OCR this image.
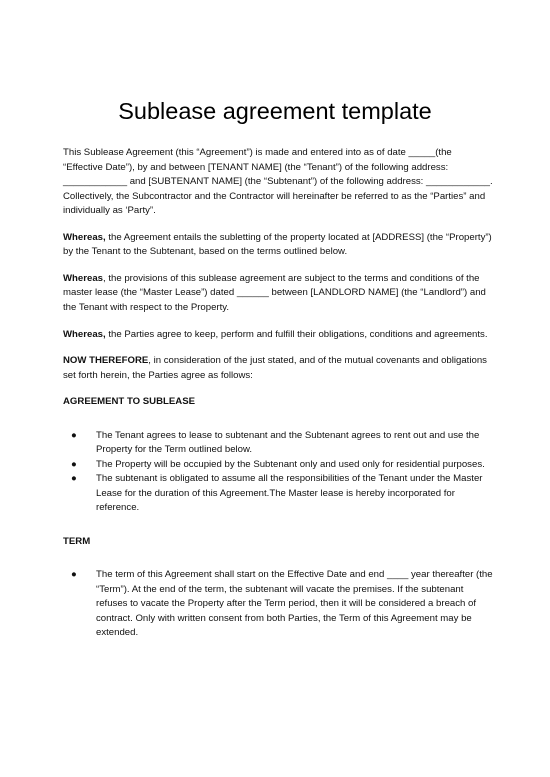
Sublease agreement template

This Sublease Agreement (this “Agreement”) is made and entered into as of date _____(the “Effective Date”), by and between [TENANT NAME] (the “Tenant”) of the following address: ____________ and [SUBTENANT NAME] (the “Subtenant”) of the following address: ____________. Collectively, the Subcontractor and the Contractor will hereinafter be referred to as the “Parties” and individually as ‘Party”.

Whereas, the Agreement entails the subletting of the property located at [ADDRESS] (the “Property”) by the Tenant to the Subtenant, based on the terms outlined below.

Whereas, the provisions of this sublease agreement are subject to the terms and conditions of the master lease (the “Master Lease”) dated ______ between [LANDLORD NAME] (the “Landlord”) and the Tenant with respect to the Property.

Whereas, the Parties agree to keep, perform and fulfill their obligations, conditions and agreements.

NOW THEREFORE, in consideration of the just stated, and of the mutual covenants and obligations set forth herein, the Parties agree as follows:

AGREEMENT TO SUBLEASE

● The Tenant agrees to lease to subtenant and the Subtenant agrees to rent out and use the Property for the Term outlined below.
● The Property will be occupied by the Subtenant only and used only for residential purposes.
● The subtenant is obligated to assume all the responsibilities of the Tenant under the Master Lease for the duration of this Agreement.The Master lease is hereby incorporated for reference.

TERM

● The term of this Agreement shall start on the Effective Date and end ____ year thereafter (the “Term”). At the end of the term, the subtenant will vacate the premises. If the subtenant refuses to vacate the Property after the Term period, then it will be considered a breach of contract. Only with written consent from both Parties, the Term of this Agreement may be extended.
